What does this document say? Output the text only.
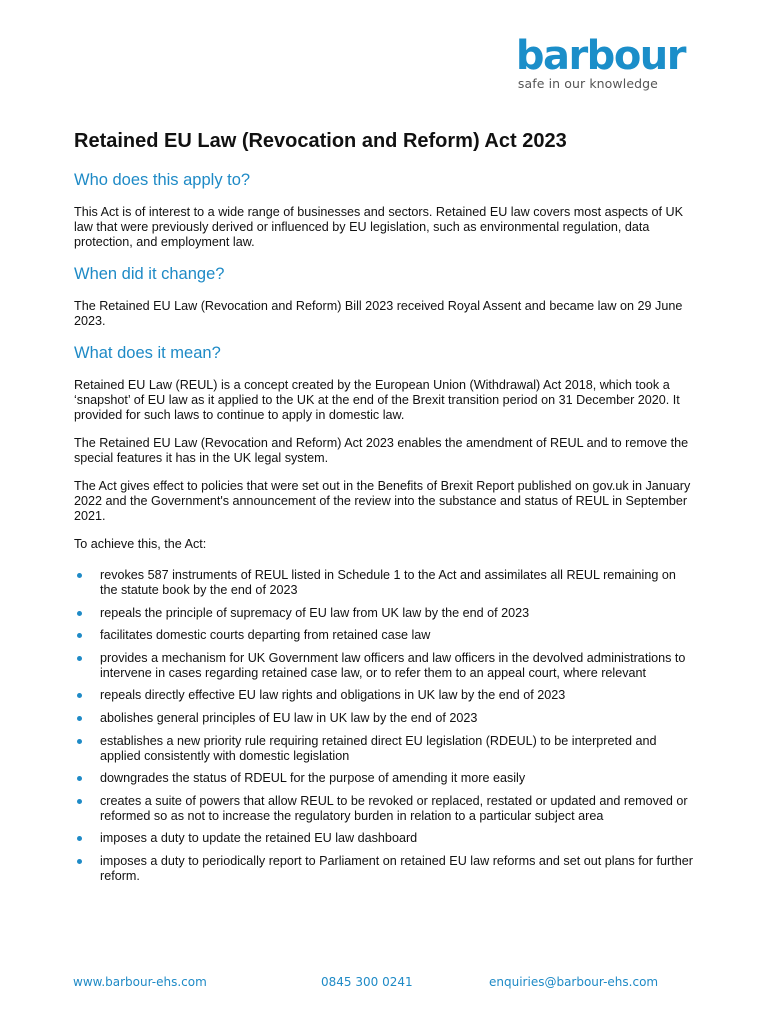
barbour
safe in our knowledge
Retained EU Law (Revocation and Reform) Act 2023
Who does this apply to?

This Act is of interest to a wide range of businesses and sectors. Retained EU law covers most aspects of UK law that were previously derived or influenced by EU legislation, such as environmental regulation, data protection, and employment law.

When did it change?

The Retained EU Law (Revocation and Reform) Bill 2023 received Royal Assent and became law on 29 June 2023.

What does it mean?

Retained EU Law (REUL) is a concept created by the European Union (Withdrawal) Act 2018, which took a ‘snapshot’ of EU law as it applied to the UK at the end of the Brexit transition period on 31 December 2020. It provided for such laws to continue to apply in domestic law.

The Retained EU Law (Revocation and Reform) Act 2023 enables the amendment of REUL and to remove the special features it has in the UK legal system.

The Act gives effect to policies that were set out in the Benefits of Brexit Report published on gov.uk in January 2022 and the Government's announcement of the review into the substance and status of REUL in September 2021.

To achieve this, the Act:

revokes 587 instruments of REUL listed in Schedule 1 to the Act and assimilates all REUL remaining on the statute book by the end of 2023
repeals the principle of supremacy of EU law from UK law by the end of 2023
facilitates domestic courts departing from retained case law
provides a mechanism for UK Government law officers and law officers in the devolved administrations to intervene in cases regarding retained case law, or to refer them to an appeal court, where relevant
repeals directly effective EU law rights and obligations in UK law by the end of 2023
abolishes general principles of EU law in UK law by the end of 2023
establishes a new priority rule requiring retained direct EU legislation (RDEUL) to be interpreted and applied consistently with domestic legislation
downgrades the status of RDEUL for the purpose of amending it more easily
creates a suite of powers that allow REUL to be revoked or replaced, restated or updated and removed or reformed so as not to increase the regulatory burden in relation to a particular subject area
imposes a duty to update the retained EU law dashboard
imposes a duty to periodically report to Parliament on retained EU law reforms and set out plans for further reform.
www.barbour-ehs.com	0845 300 0241	enquiries@barbour-ehs.com
